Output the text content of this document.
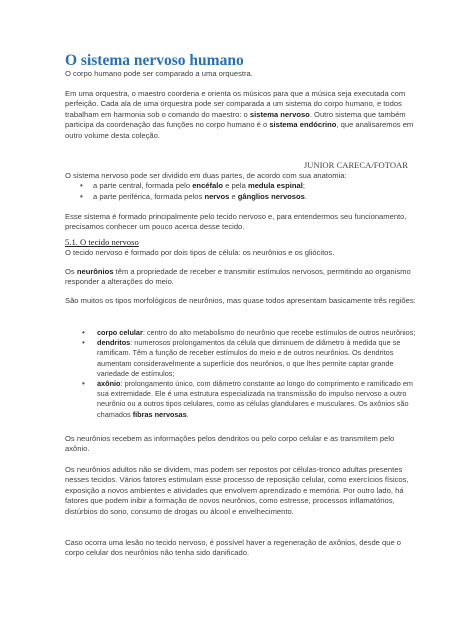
O sistema nervoso humano
O corpo humano pode ser comparado a uma orquestra.
Em uma orquestra, o maestro coordena e orienta os músicos para que a música seja executada com perfeição. Cada ala de uma orquestra pode ser comparada a um sistema do corpo humano, e todos trabalham em harmonia sob o comando do maestro: o sistema nervoso. Outro sistema que também participa da coordenação das funções no corpo humano é o sistema endócrino, que analisaremos em outro volume desta coleção.
JUNIOR CARECA/FOTOAR
O sistema nervoso pode ser dividido em duas partes, de acordo com sua anatomia:
• a parte central, formada pelo encéfalo e pela medula espinal;
• a parte periférica, formada pelos nervos e gânglios nervosos.
Esse sistema é formado principalmente pelo tecido nervoso e, para entendermos seu funcionamento, precisamos conhecer um pouco acerca desse tecido.
5.1. O tecido nervoso
O tecido nervoso é formado por dois tipos de célula: os neurônios e os gliócitos.
Os neurônios têm a propriedade de receber e transmitir estímulos nervosos, permitindo ao organismo responder a alterações do meio.
São muitos os tipos morfológicos de neurônios, mas quase todos apresentam basicamente três regiões:
• corpo celular: centro do alto metabolismo do neurônio que recebe estímulos de outros neurônios;
• dendritos: numerosos prolongamentos da célula que diminuem de diâmetro à medida que se ramificam. Têm a função de receber estímulos do meio e de outros neurônios. Os dendritos aumentam consideravelmente a superfície dos neurônios, o que lhes permite captar grande variedade de estímulos;
• axônio: prolongamento único, com diâmetro constante ao longo do comprimento e ramificado em sua extremidade. Ele é uma estrutura especializada na transmissão do impulso nervoso a outro neurônio ou a outros tipos celulares, como as células glandulares e musculares. Os axônios são chamados fibras nervosas.
Os neurônios recebem as informações pelos dendritos ou pelo corpo celular e as transmitem pelo axônio.
Os neurônios adultos não se dividem, mas podem ser repostos por células-tronco adultas presentes nesses tecidos. Vários fatores estimulam esse processo de reposição celular, como exercícios físicos, exposição a novos ambientes e atividades que envolvem aprendizado e memória. Por outro lado, há fatores que podem inibir a formação de novos neurônios, como estresse, processos inflamatórios, distúrbios do sono, consumo de drogas ou álcool e envelhecimento.
Caso ocorra uma lesão no tecido nervoso, é possível haver a regeneração de axônios, desde que o corpo celular dos neurônios não tenha sido danificado.
